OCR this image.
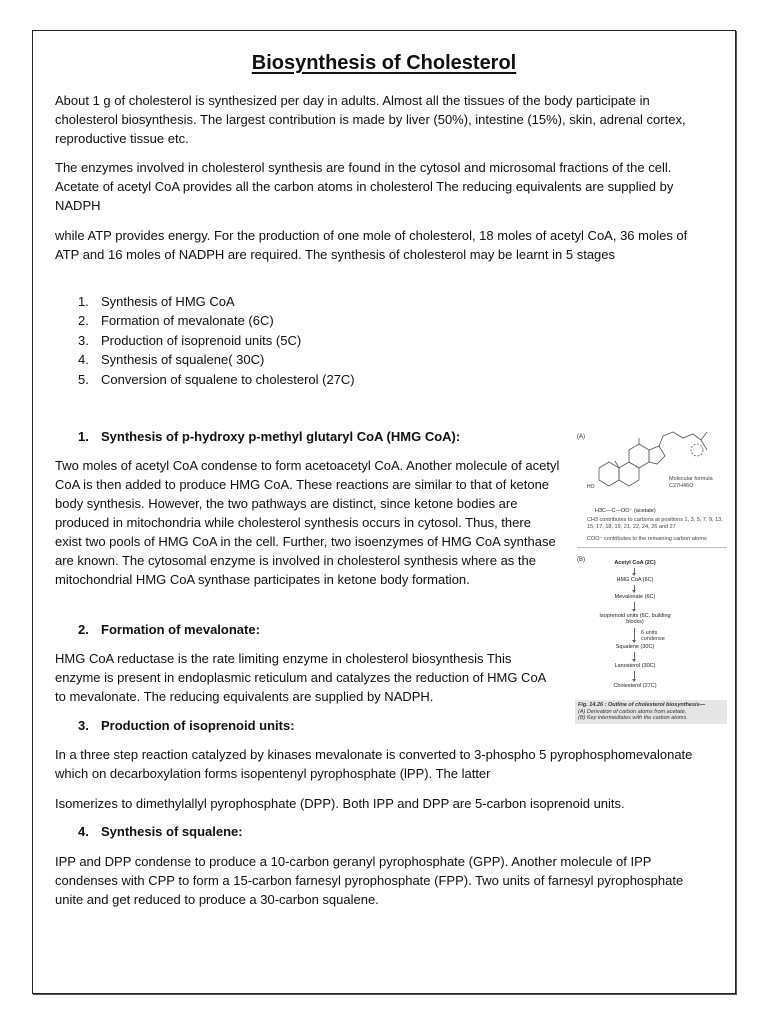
Biosynthesis of Cholesterol

About 1 g of cholesterol is synthesized per day in adults. Almost all the tissues of the body participate in cholesterol biosynthesis. The largest contribution is made by liver (50%), intestine (15%), skin, adrenal cortex, reproductive tissue etc.

The enzymes involved in cholesterol synthesis are found in the cytosol and microsomal fractions of the cell. Acetate of acetyl CoA provides all the carbon atoms in cholesterol The reducing equivalents are supplied by NADPH

while ATP provides energy. For the production of one mole of cholesterol, 18 moles of acetyl CoA, 36 moles of ATP and 16 moles of NADPH are required. The synthesis of cholesterol may be learnt in 5 stages

1. Synthesis of HMG CoA
2. Formation of mevalonate (6C)
3. Production of isoprenoid units (5C)
4. Synthesis of squalene( 30C)
5. Conversion of squalene to cholesterol (27C)
1. Synthesis of p-hydroxy p-methyl glutaryl CoA (HMG CoA):

Two moles of acetyl CoA condense to form acetoacetyl CoA. Another molecule of acetyl CoA is then added to produce HMG CoA. These reactions are similar to that of ketone body synthesis. However, the two pathways are distinct, since ketone bodies are produced in mitochondria while cholesterol synthesis occurs in cytosol. Thus, there exist two pools of HMG CoA in the cell. Further, two isoenzymes of HMG CoA synthase are known. The cytosomal enzyme is involved in cholesterol synthesis where as the mitochondrial HMG CoA synthase participates in ketone body formation.

2. Formation of mevalonate:

HMG CoA reductase is the rate limiting enzyme in cholesterol biosynthesis This enzyme is present in endoplasmic reticulum and catalyzes the reduction of HMG CoA to mevalonate. The reducing equivalents are supplied by NADPH.

3. Production of isoprenoid units:

In a three step reaction catalyzed by kinases mevalonate is converted to 3-phospho 5 pyrophosphomevalonate which on decarboxylation forms isopentenyl pyrophosphate (lPP). The latter

Isomerizes to dimethylallyl pyrophosphate (DPP). Both IPP and DPP are 5-carbon isoprenoid units.

4. Synthesis of squalene:

IPP and DPP condense to produce a 10-carbon geranyl pyrophosphate (GPP). Another molecule of IPP condenses with CPP to form a 15-carbon farnesyl pyrophosphate (FPP). Two units of farnesyl pyrophosphate unite and get reduced to produce a 30-carbon squalene.

(A)
HO
Molecular formula
C27H46O
H3C—C—OO⁻ (acetate)
CH3 contributes to carbons at positions 1, 3, 5, 7, 9, 13, 15, 17, 18, 19, 21, 22, 24, 26 and 27
COO⁻ contributes to the remaining carbon atoms
(B)	Acetyl CoA (2C)
HMG CoA (6C)
Mevalonate (6C)
Isoprenoid units (5C, building blocks)
6 units condense
Squalene (30C)
Lanosterol (30C)
Cholesterol (27C)
Fig. 14.26 : Outline of cholesterol biosynthesis—
(A) Derivation of carbon atoms from acetate,
(B) Key intermediates with the carbon atoms.
